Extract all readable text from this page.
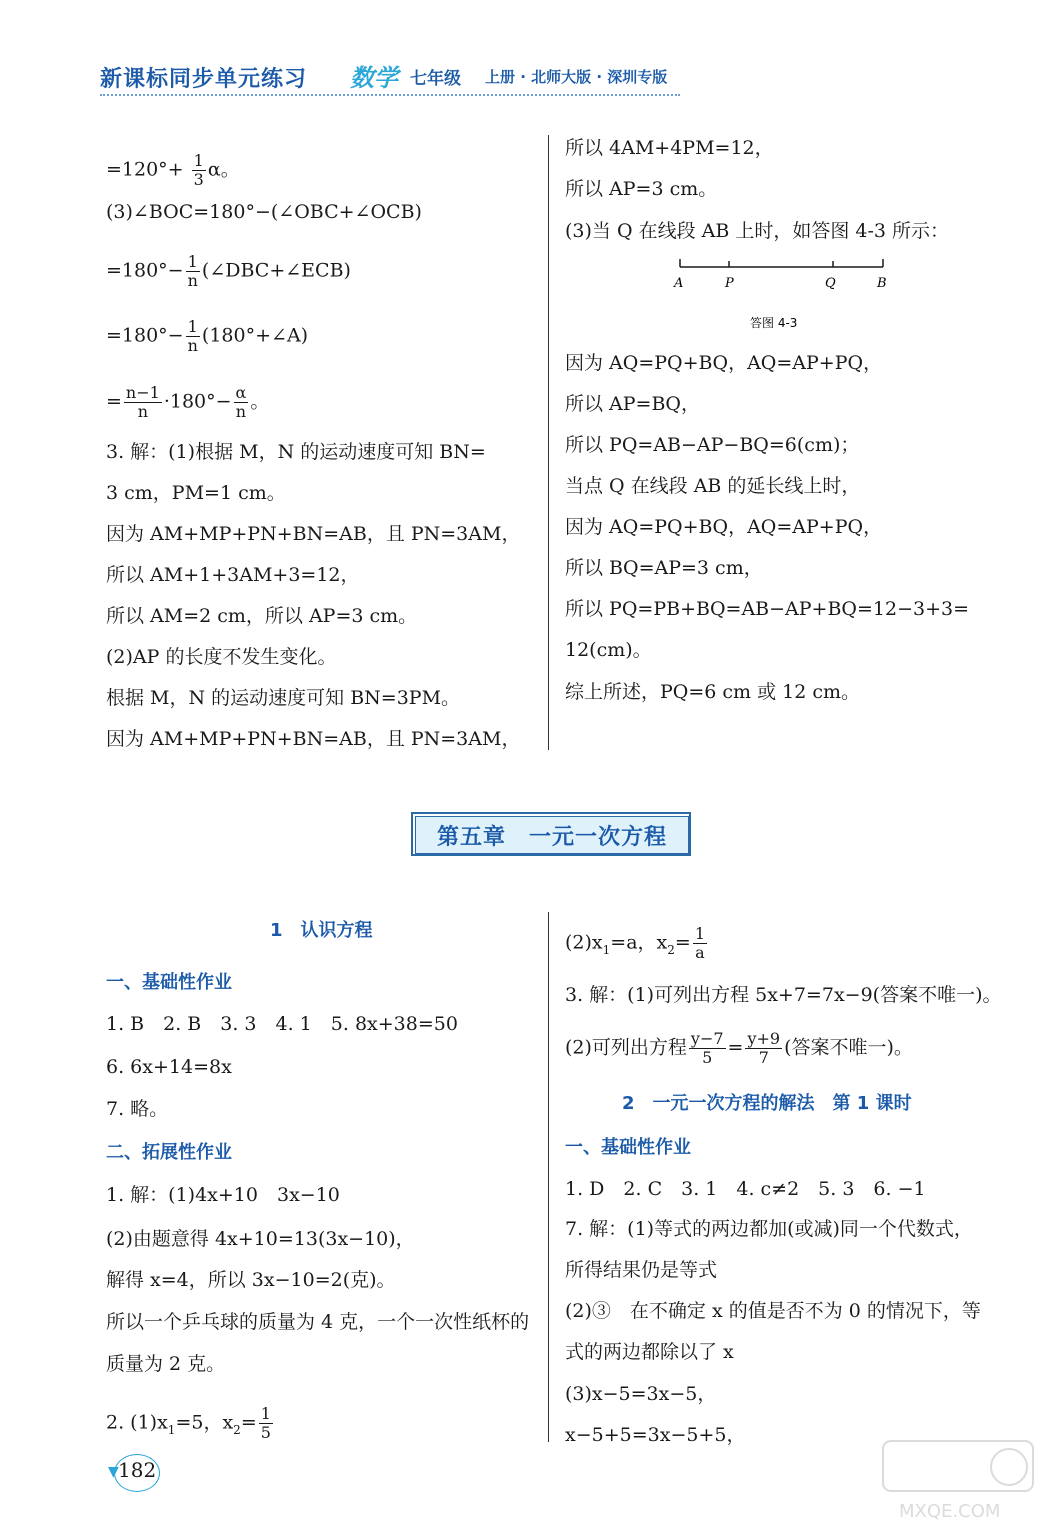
新课标同步单元练习 数学 七年级 上册 · 北师大版 · 深圳专版
$=120^\circ+ \frac{1}{3}$ α。
(3)∠BOC=180°−(∠OBC+∠OCB)
$=180^\circ- \frac{1}{n}$ (∠DBC+∠ECB)
$=180^\circ- \frac{1}{n}$ (180°+∠A)
= $\frac{n-1}{n} \cdot 180^\circ- \frac{\alpha}{n}$ 。
3. 解：(1)根据 M，N 的运动速度可知 BN=
3 cm，PM=1 cm。
因为 AM+MP+PN+BN=AB，且 PN=3AM，
所以 AM+1+3AM+3=12，
所以 AM=2 cm，所以 AP=3 cm。
(2)AP 的长度不发生变化。
根据 M，N 的运动速度可知 BN=3PM。
因为 AM+MP+PN+BN=AB，且 PN=3AM，
所以 4AM+4PM=12，
所以 AP=3 cm。
(3)当 Q 在线段 AB 上时，如答图 4-3 所示：
A	P	Q	B
答图 4-3
因为 AQ=PQ+BQ，AQ=AP+PQ，
所以 AP=BQ，
所以 PQ=AB−AP−BQ=6(cm)；
当点 Q 在线段 AB 的延长线上时，
因为 AQ=PQ+BQ，AQ=AP+PQ，
所以 BQ=AP=3 cm，
所以 PQ=PB+BQ=AB−AP+BQ=12−3+3=
12(cm)。
综上所述，PQ=6 cm 或 12 cm。
第五章　一元一次方程
1　认识方程
一、基础性作业
1. B　2. B　3. 3　4. 1　5. 8x+38=50
6. 6x+14=8x
7. 略。
二、拓展性作业
1. 解：(1)4x+10　3x−10
(2)由题意得 4x+10=13(3x−10)，
解得 x=4，所以 3x−10=2(克)。
所以一个乒乓球的质量为 4 克，一个一次性纸杯的
质量为 2 克。
2. $(1)x_1=5$，$x_2= \frac{1}{5}$
$(2)x_1=a$，$x_2= \frac{1}{a}$
3. 解：(1)可列出方程 5x+7=7x−9(答案不唯一)。
(2)可列出方程 $\frac{y-7}{5} = \frac{y+9}{7}$ (答案不唯一)。
2　一元一次方程的解法　第 1 课时
一、基础性作业
1. D　2. C　3. 1　4. c≠2　5. 3　6. −1
7. 解：(1)等式的两边都加(或减)同一个代数式，
所得结果仍是等式
(2)③　在不确定 x 的值是否不为 0 的情况下，等
式的两边都除以了 x
(3)x−5=3x−5，
x−5+5=3x−5+5，
▼ 182
MXQE.COM
